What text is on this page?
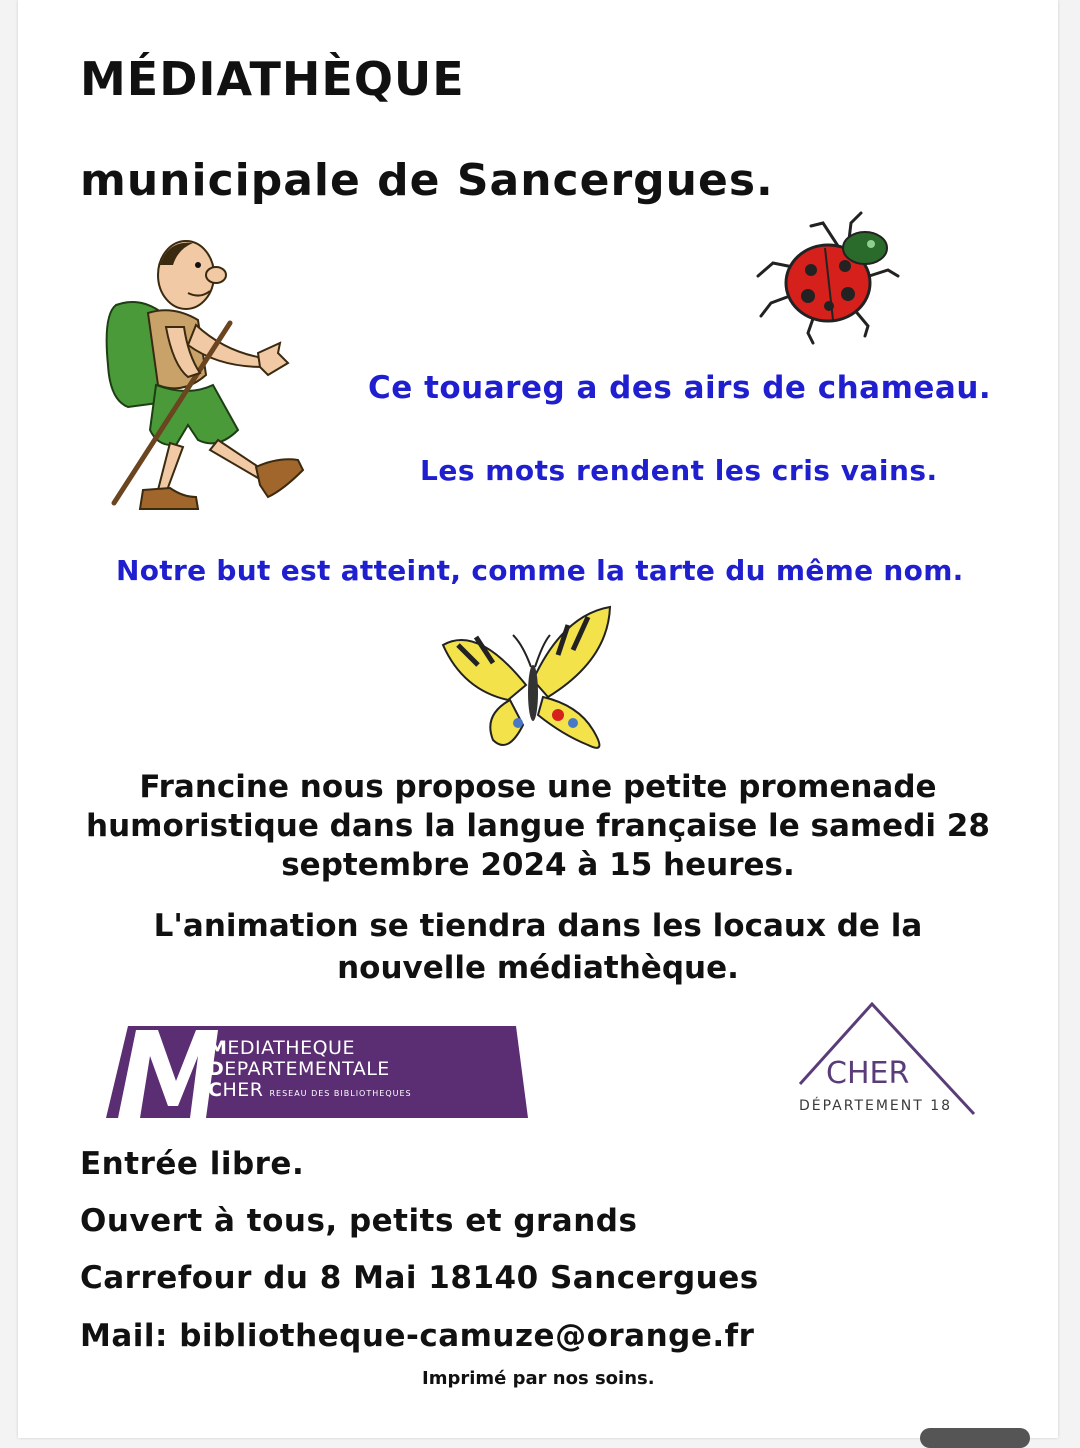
MÉDIATHÈQUE
municipale de Sancergues.
Ce touareg a des airs de chameau.
Les mots rendent les cris vains.
Notre but est atteint, comme la tarte du même nom.
Francine nous propose une petite promenade
humoristique dans la langue française le samedi 28
septembre 2024 à 15 heures.
L'animation se tiendra dans les locaux de la
nouvelle médiathèque.
MEDIATHEQUE
DEPARTEMENTALE
CHER $^{RESEAU DES BIBLIOTHEQUES}$
CHER
DÉPARTEMENT 18
Entrée libre.
Ouvert à tous, petits et grands
Carrefour du 8 Mai 18140 Sancergues
Mail: bibliotheque-camuze@orange.fr
Imprimé par nos soins.
